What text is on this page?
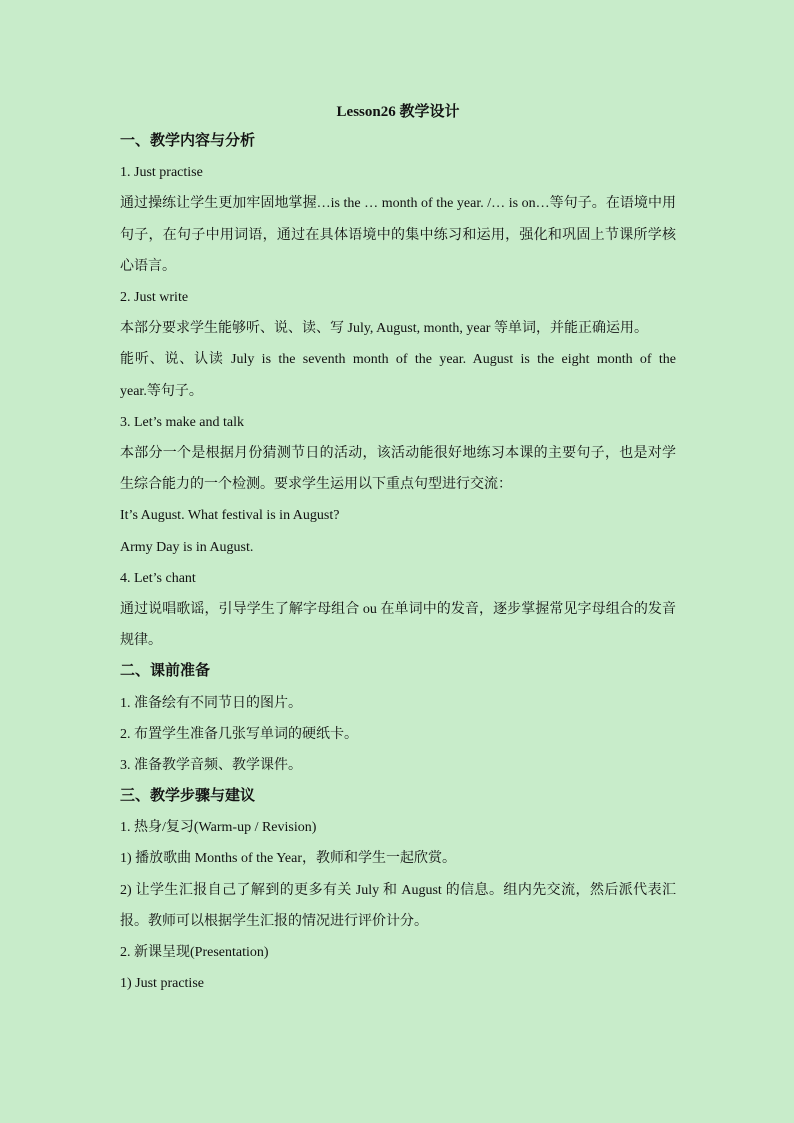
Lesson26 教学设计

一、教学内容与分析

1. Just practise

通过操练让学生更加牢固地掌握…is the … month of the year. /… is on…等句子。在语境中用句子，在句子中用词语，通过在具体语境中的集中练习和运用，强化和巩固上节课所学核心语言。

2. Just write

本部分要求学生能够听、说、读、写 July, August, month, year 等单词，并能正确运用。

能听、说、认读 July is the seventh month of the year. August is the eight month of the year.等句子。

3. Let’s make and talk

本部分一个是根据月份猜测节日的活动，该活动能很好地练习本课的主要句子，也是对学生综合能力的一个检测。要求学生运用以下重点句型进行交流：

It’s August. What festival is in August?

Army Day is in August.

4. Let’s chant

通过说唱歌谣，引导学生了解字母组合 ou 在单词中的发音，逐步掌握常见字母组合的发音规律。

二、课前准备

1. 准备绘有不同节日的图片。

2. 布置学生准备几张写单词的硬纸卡。

3. 准备教学音频、教学课件。

三、教学步骤与建议

1. 热身/复习(Warm-up / Revision)

1) 播放歌曲 Months of the Year，教师和学生一起欣赏。

2) 让学生汇报自己了解到的更多有关 July 和 August 的信息。组内先交流，然后派代表汇报。教师可以根据学生汇报的情况进行评价计分。

2. 新课呈现(Presentation)

1) Just practise
